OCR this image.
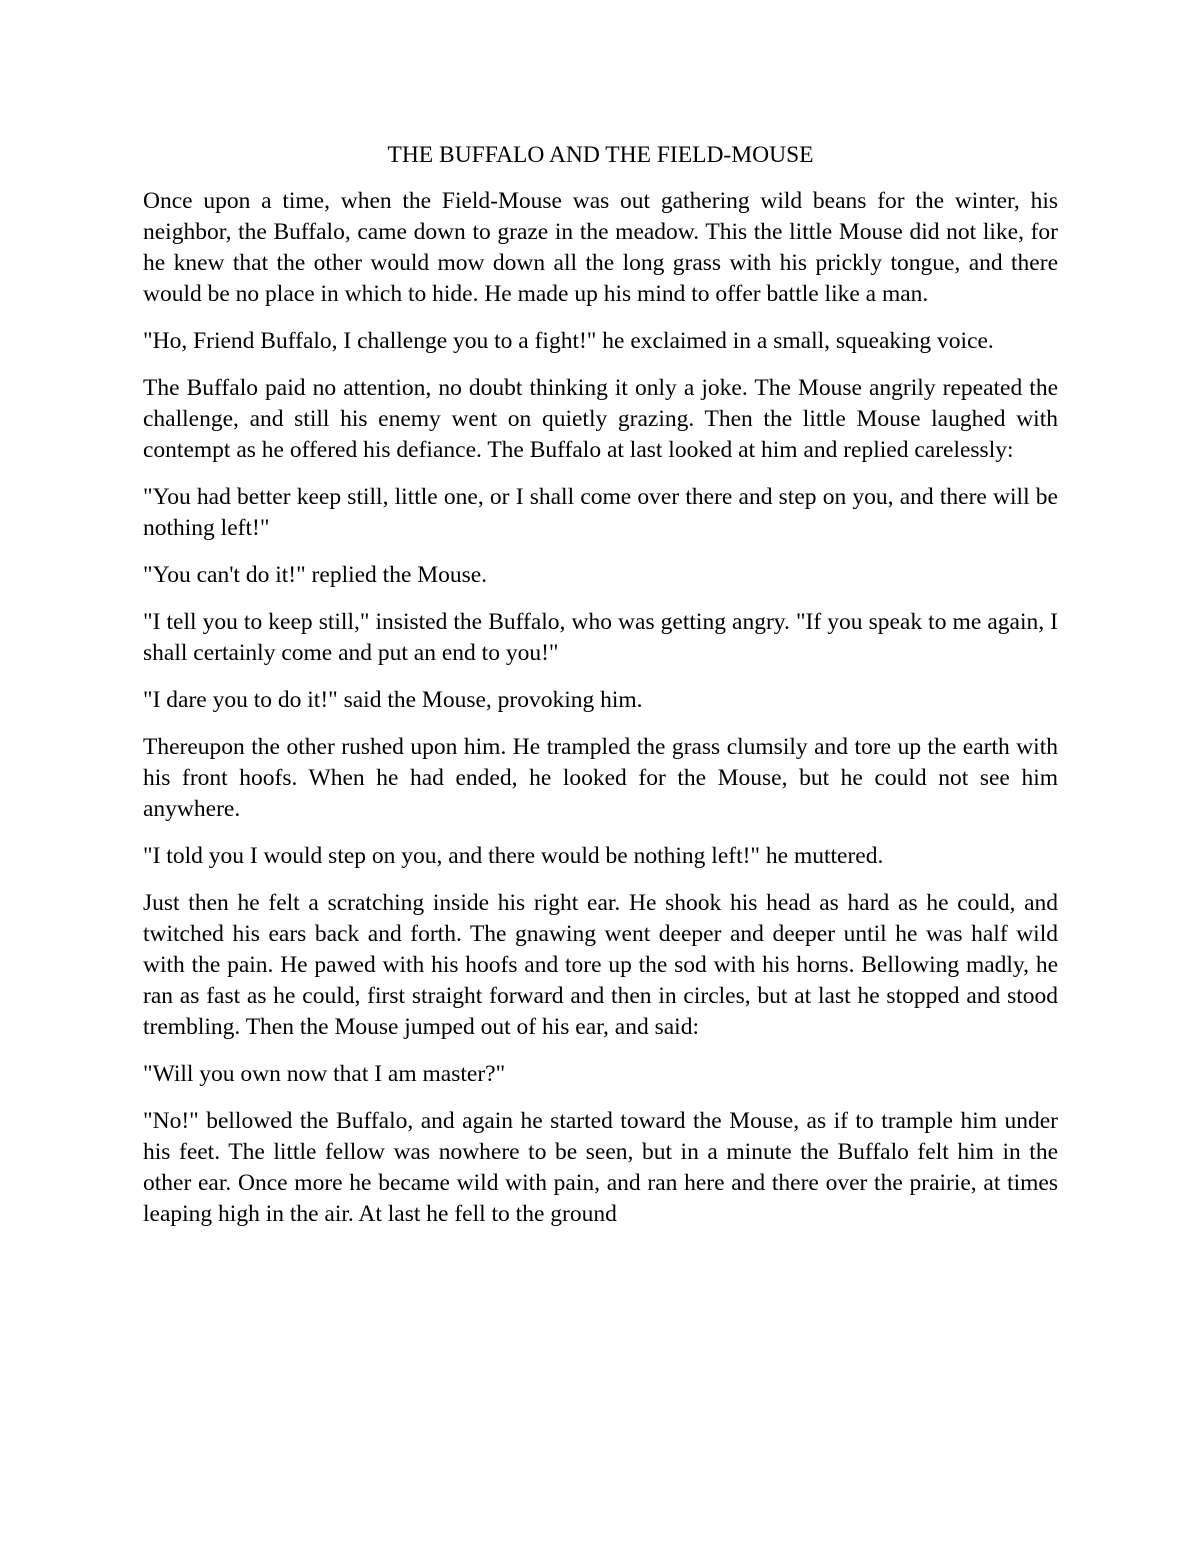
THE BUFFALO AND THE FIELD-MOUSE

Once upon a time, when the Field-Mouse was out gathering wild beans for the winter, his neighbor, the Buffalo, came down to graze in the meadow. This the little Mouse did not like, for he knew that the other would mow down all the long grass with his prickly tongue, and there would be no place in which to hide. He made up his mind to offer battle like a man.

"Ho, Friend Buffalo, I challenge you to a fight!" he exclaimed in a small, squeaking voice.

The Buffalo paid no attention, no doubt thinking it only a joke. The Mouse angrily repeated the challenge, and still his enemy went on quietly grazing. Then the little Mouse laughed with contempt as he offered his defiance. The Buffalo at last looked at him and replied carelessly:

"You had better keep still, little one, or I shall come over there and step on you, and there will be nothing left!"

"You can't do it!" replied the Mouse.

"I tell you to keep still," insisted the Buffalo, who was getting angry. "If you speak to me again, I shall certainly come and put an end to you!"

"I dare you to do it!" said the Mouse, provoking him.

Thereupon the other rushed upon him. He trampled the grass clumsily and tore up the earth with his front hoofs. When he had ended, he looked for the Mouse, but he could not see him anywhere.

"I told you I would step on you, and there would be nothing left!" he muttered.

Just then he felt a scratching inside his right ear. He shook his head as hard as he could, and twitched his ears back and forth. The gnawing went deeper and deeper until he was half wild with the pain. He pawed with his hoofs and tore up the sod with his horns. Bellowing madly, he ran as fast as he could, first straight forward and then in circles, but at last he stopped and stood trembling. Then the Mouse jumped out of his ear, and said:

"Will you own now that I am master?"

"No!" bellowed the Buffalo, and again he started toward the Mouse, as if to trample him under his feet. The little fellow was nowhere to be seen, but in a minute the Buffalo felt him in the other ear. Once more he became wild with pain, and ran here and there over the prairie, at times leaping high in the air. At last he fell to the ground
